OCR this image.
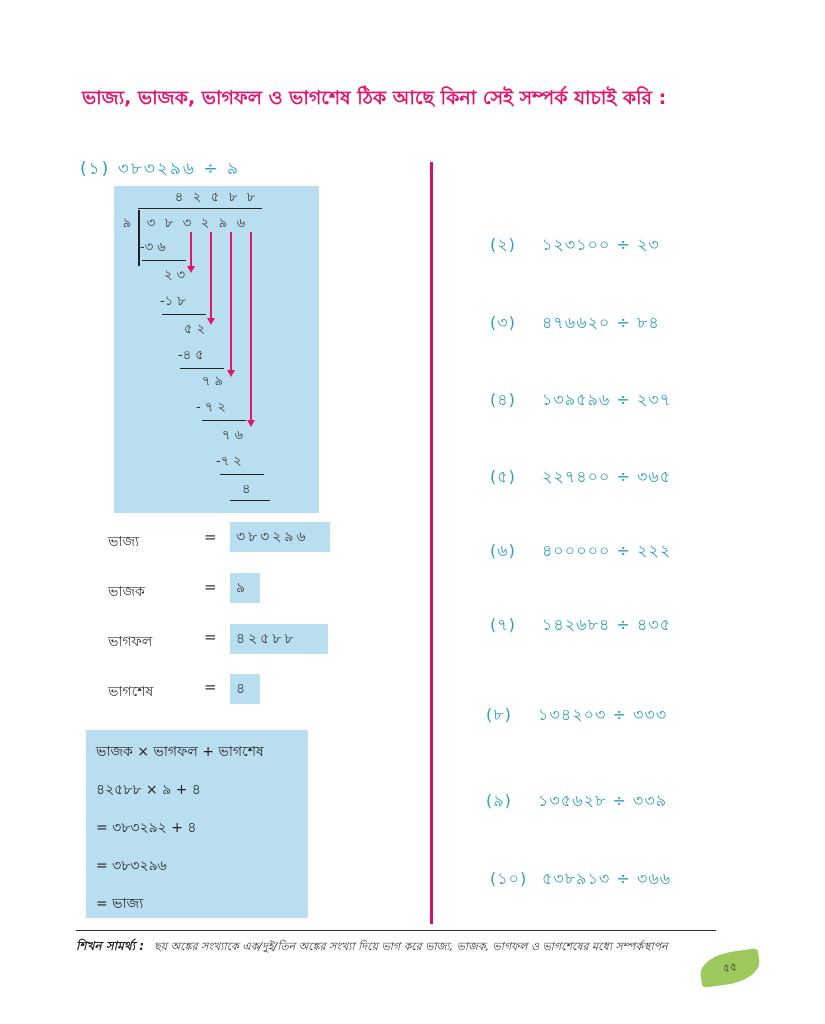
ভাজ্য, ভাজক, ভাগফল ও ভাগশেষ ঠিক আছে কিনা সেই সম্পর্ক যাচাই করি :
(১) ৩৮৩২৯৬ ÷ ৯
৪ ২ ৫ ৮ ৮
৯ ৩ ৮ ৩ ২ ৯ ৬
-৩ ৬
২ ৩
-১ ৮
৫ ২
-৪ ৫
৭ ৯
- ৭ ২
৭ ৬
-৭ ২
৪
ভাজ্য	=	৩৮৩২৯৬
ভাজক	=	৯
ভাগফল	=	৪২৫৮৮
ভাগশেষ	=	৪
ভাজক × ভাগফল + ভাগশেষ
৪২৫৮৮ × ৯ + ৪
= ৩৮৩২৯২ + ৪
= ৩৮৩২৯৬
= ভাজ্য
(২) ১২৩১০০ ÷ ২৩
(৩) ৪৭৬৬২০ ÷ ৮৪
(৪) ১৩৯৫৯৬ ÷ ২৩৭
(৫) ২২৭৪০০ ÷ ৩৬৫
(৬) ৪০০০০০ ÷ ২২২
(৭) ১৪২৬৮৪ ÷ ৪৩৫
(৮) ১৩৪২০৩ ÷ ৩৩৩
(৯) ১৩৫৬২৮ ÷ ৩৩৯
(১০) ৫৩৮৯১৩ ÷ ৩৬৬
শিখন সামর্থ্য : ছয় অঙ্কের সংখ্যাকে এক/দুই/তিন অঙ্কের সংখ্যা দিয়ে ভাগ করে ভাজ্য, ভাজক, ভাগফল ও ভাগশেষের মধ্যে সম্পর্কস্থাপন
৫৫
